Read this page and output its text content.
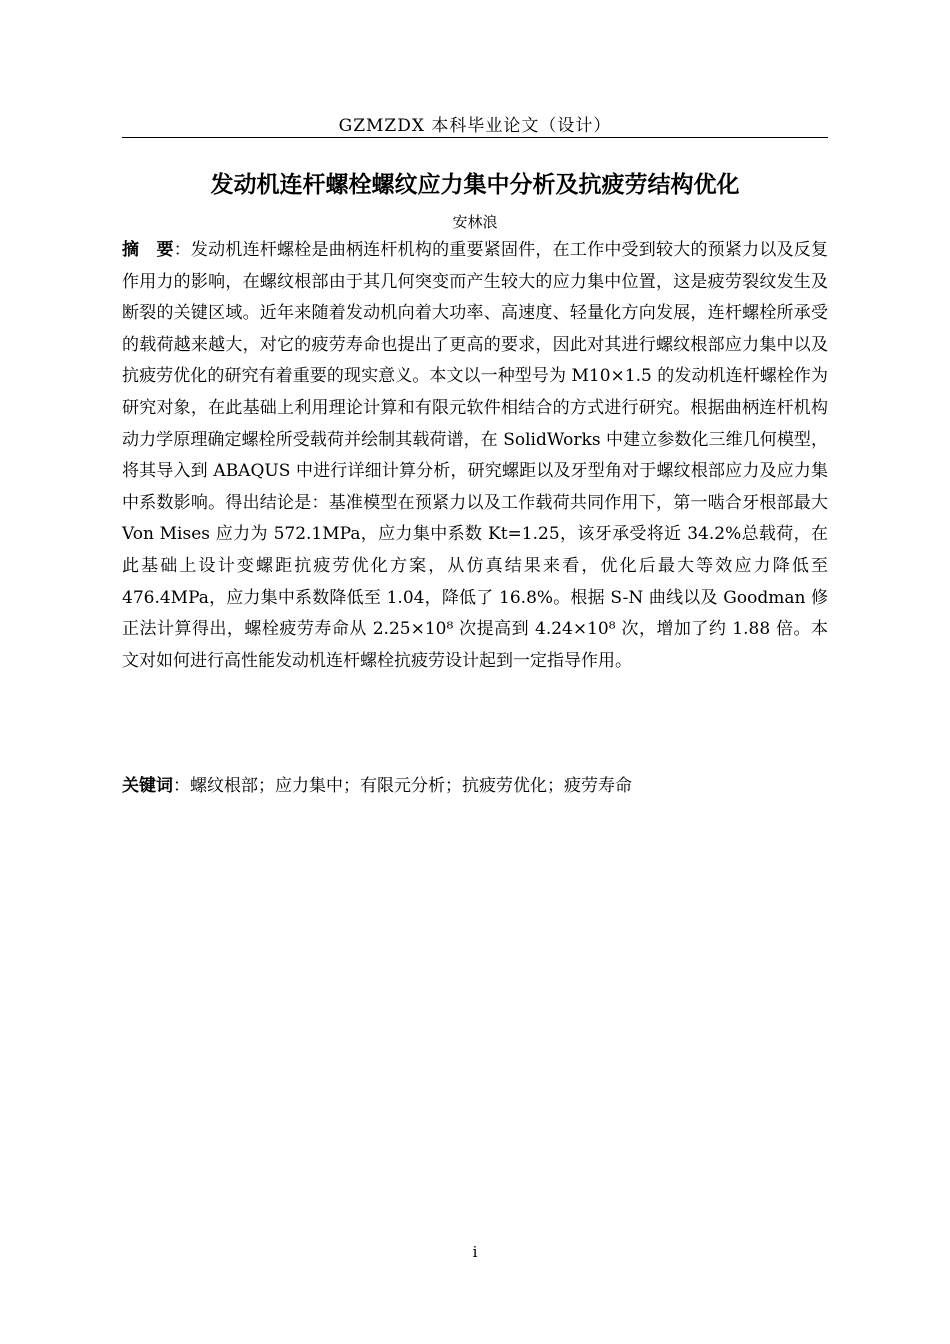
GZMZDX 本科毕业论文（设计）
发动机连杆螺栓螺纹应力集中分析及抗疲劳结构优化
安林浪
摘　要：发动机连杆螺栓是曲柄连杆机构的重要紧固件，在工作中受到较大的预紧力以及反复作用力的影响，在螺纹根部由于其几何突变而产生较大的应力集中位置，这是疲劳裂纹发生及断裂的关键区域。近年来随着发动机向着大功率、高速度、轻量化方向发展，连杆螺栓所承受的载荷越来越大，对它的疲劳寿命也提出了更高的要求，因此对其进行螺纹根部应力集中以及抗疲劳优化的研究有着重要的现实意义。本文以一种型号为 M10×1.5 的发动机连杆螺栓作为研究对象，在此基础上利用理论计算和有限元软件相结合的方式进行研究。根据曲柄连杆机构动力学原理确定螺栓所受载荷并绘制其载荷谱，在 SolidWorks 中建立参数化三维几何模型，将其导入到 ABAQUS 中进行详细计算分析，研究螺距以及牙型角对于螺纹根部应力及应力集中系数影响。得出结论是：基准模型在预紧力以及工作载荷共同作用下，第一啮合牙根部最大 Von Mises 应力为 572.1MPa，应力集中系数 Kt=1.25，该牙承受将近 34.2%总载荷，在此基础上设计变螺距抗疲劳优化方案，从仿真结果来看，优化后最大等效应力降低至 476.4MPa，应力集中系数降低至 1.04，降低了 16.8%。根据 S-N 曲线以及 Goodman 修正法计算得出，螺栓疲劳寿命从 2.25×10⁸ 次提高到 4.24×10⁸ 次，增加了约 1.88 倍。本文对如何进行高性能发动机连杆螺栓抗疲劳设计起到一定指导作用。
关键词：螺纹根部；应力集中；有限元分析；抗疲劳优化；疲劳寿命
i
